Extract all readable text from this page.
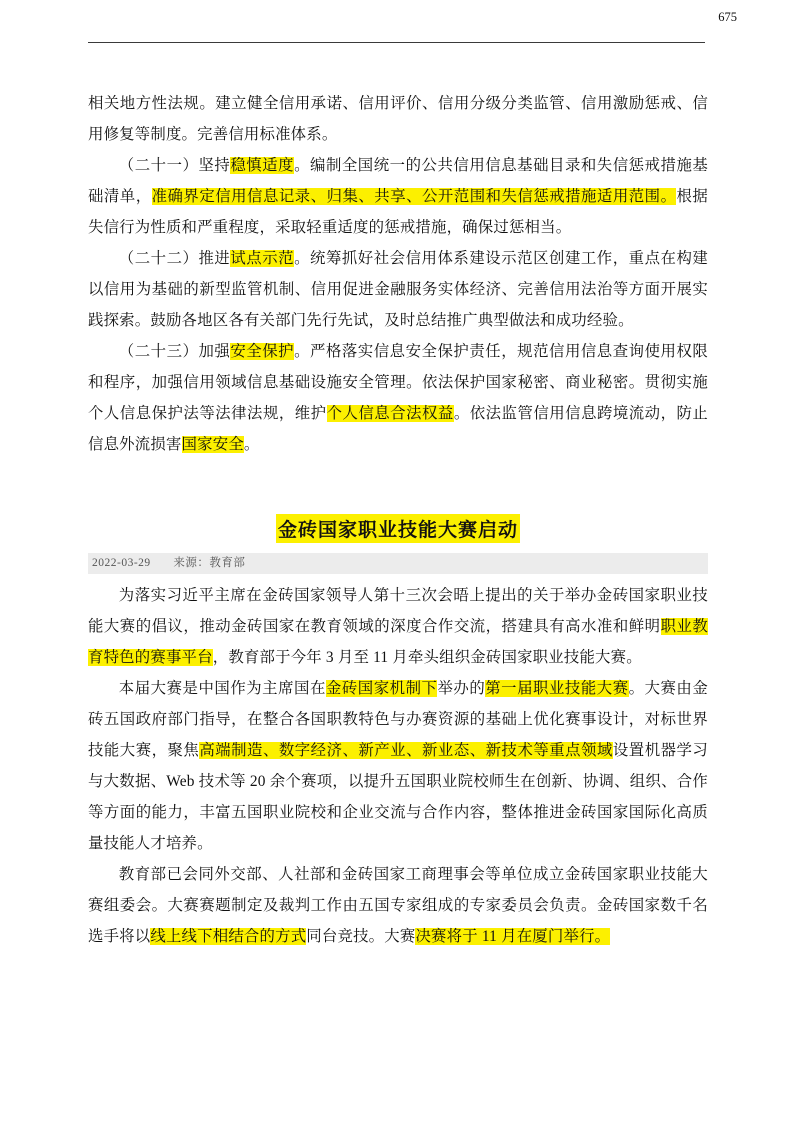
675

相关地方性法规。建立健全信用承诺、信用评价、信用分级分类监管、信用激励惩戒、信用修复等制度。完善信用标准体系。

（二十一）坚持稳慎适度。编制全国统一的公共信用信息基础目录和失信惩戒措施基础清单，准确界定信用信息记录、归集、共享、公开范围和失信惩戒措施适用范围。根据失信行为性质和严重程度，采取轻重适度的惩戒措施，确保过惩相当。

（二十二）推进试点示范。统筹抓好社会信用体系建设示范区创建工作，重点在构建以信用为基础的新型监管机制、信用促进金融服务实体经济、完善信用法治等方面开展实践探索。鼓励各地区各有关部门先行先试，及时总结推广典型做法和成功经验。

（二十三）加强安全保护。严格落实信息安全保护责任，规范信用信息查询使用权限和程序，加强信用领域信息基础设施安全管理。依法保护国家秘密、商业秘密。贯彻实施个人信息保护法等法律法规，维护个人信息合法权益。依法监管信用信息跨境流动，防止信息外流损害国家安全。

金砖国家职业技能大赛启动
2022-03-29 来源：教育部

为落实习近平主席在金砖国家领导人第十三次会晤上提出的关于举办金砖国家职业技能大赛的倡议，推动金砖国家在教育领域的深度合作交流，搭建具有高水准和鲜明职业教育特色的赛事平台，教育部于今年 3 月至 11 月牵头组织金砖国家职业技能大赛。

本届大赛是中国作为主席国在金砖国家机制下举办的第一届职业技能大赛。大赛由金砖五国政府部门指导，在整合各国职教特色与办赛资源的基础上优化赛事设计，对标世界技能大赛，聚焦高端制造、数字经济、新产业、新业态、新技术等重点领域设置机器学习与大数据、Web 技术等 20 余个赛项，以提升五国职业院校师生在创新、协调、组织、合作等方面的能力，丰富五国职业院校和企业交流与合作内容，整体推进金砖国家国际化高质量技能人才培养。

教育部已会同外交部、人社部和金砖国家工商理事会等单位成立金砖国家职业技能大赛组委会。大赛赛题制定及裁判工作由五国专家组成的专家委员会负责。金砖国家数千名选手将以线上线下相结合的方式同台竞技。大赛决赛将于 11 月在厦门举行。
